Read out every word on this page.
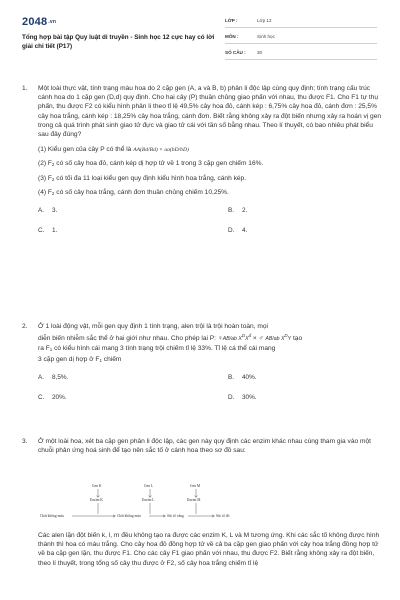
2048.vn
Tổng hợp bài tập Quy luật di truyền - Sinh học 12 cực hay có lời giải chi tiết (P17)
LỚP :	Lớp 12
MÔN :	Sinh học
SỐ CÂU : 30
1.	Một loài thực vật, tính trạng màu hoa do 2 cặp gen (A, a và B, b) phân li độc lập cùng quy định; tính trạng cấu trúc cánh hoa do 1 cặp gen (D,d) quy định. Cho hai cây (P) thuần chủng giao phấn với nhau, thu được F1. Cho F1 tự thụ phấn, thu được F2 có kiểu hình phân li theo tỉ lệ 49,5% cây hoa đỏ, cánh kép : 6,75% cây hoa đỏ, cánh đơn : 25,5% cây hoa trắng, cánh kép : 18,25% cây hoa trắng, cánh đơn. Biết rằng không xảy ra đột biến nhưng xảy ra hoán vị gen trong cả quá trình phát sinh giao tử đực và giao tử cái với tần số bằng nhau. Theo lí thuyết, có bao nhiêu phát biểu sau đây đúng?
(1) Kiểu gen của cây P có thể là AA(Bd/Bd) × aa(bD/bD)
(2) $F_2$ có số cây hoa đỏ, cánh kép dị hợp tử về 1 trong 3 cặp gen chiếm 16%.
(3) $F_2$ có tối đa 11 loại kiểu gen quy định kiểu hình hoa trắng, cánh kép.
(4) $F_2$ có số cây hoa trắng, cánh đơn thuần chủng chiếm 10,25%.
A. 3.	B. 2.
C. 1.	D. 4.
2.	Ở 1 loài động vật, mỗi gen quy định 1 tính trạng, alen trội là trội hoàn toàn, mọi
diễn biến nhiễm sắc thể ở hai giới như nhau. Cho phép lai P: ♀AB/ab XDXd × ♂ AB/ab XDY tạo
ra $F_1$ có kiểu hình cái mang 3 tính trạng trội chiếm tỉ lệ 33%. Tỉ lệ cá thể cái mang
3 cặp gen dị hợp ở $F_1$ chiếm
A. 8,5%.	B. 40%.
C. 20%.	D. 30%.
3.	Ở một loài hoa, xét ba cặp gen phân li độc lập, các gen này quy định các enzim khác nhau cùng tham gia vào một chuỗi phản ứng hoá sinh để tạo nên sắc tố ở cánh hoa theo sơ đồ sau:
Gen K	Gen L	Gen M
Enzim K	Enzim L	Enzim M
Chất không màu	Chất không màu	Sắc tố vàng	Sắc tố đỏ
Các alen lặn đột biến k, l, m đều không tạo ra được các enzim K, L và M tương ứng. Khi các sắc tố không được hình thành thì hoa có màu trắng. Cho cây hoa đỏ đồng hợp tử về cả ba cặp gen giao phấn với cây hoa trắng đồng hợp tử về ba cặp gen lặn, thu được F1. Cho các cây F1 giao phấn với nhau, thu được F2. Biết rằng không xảy ra đột biến, theo lí thuyết, trong tổng số cây thu được ở F2, số cây hoa trắng chiếm tỉ lệ
